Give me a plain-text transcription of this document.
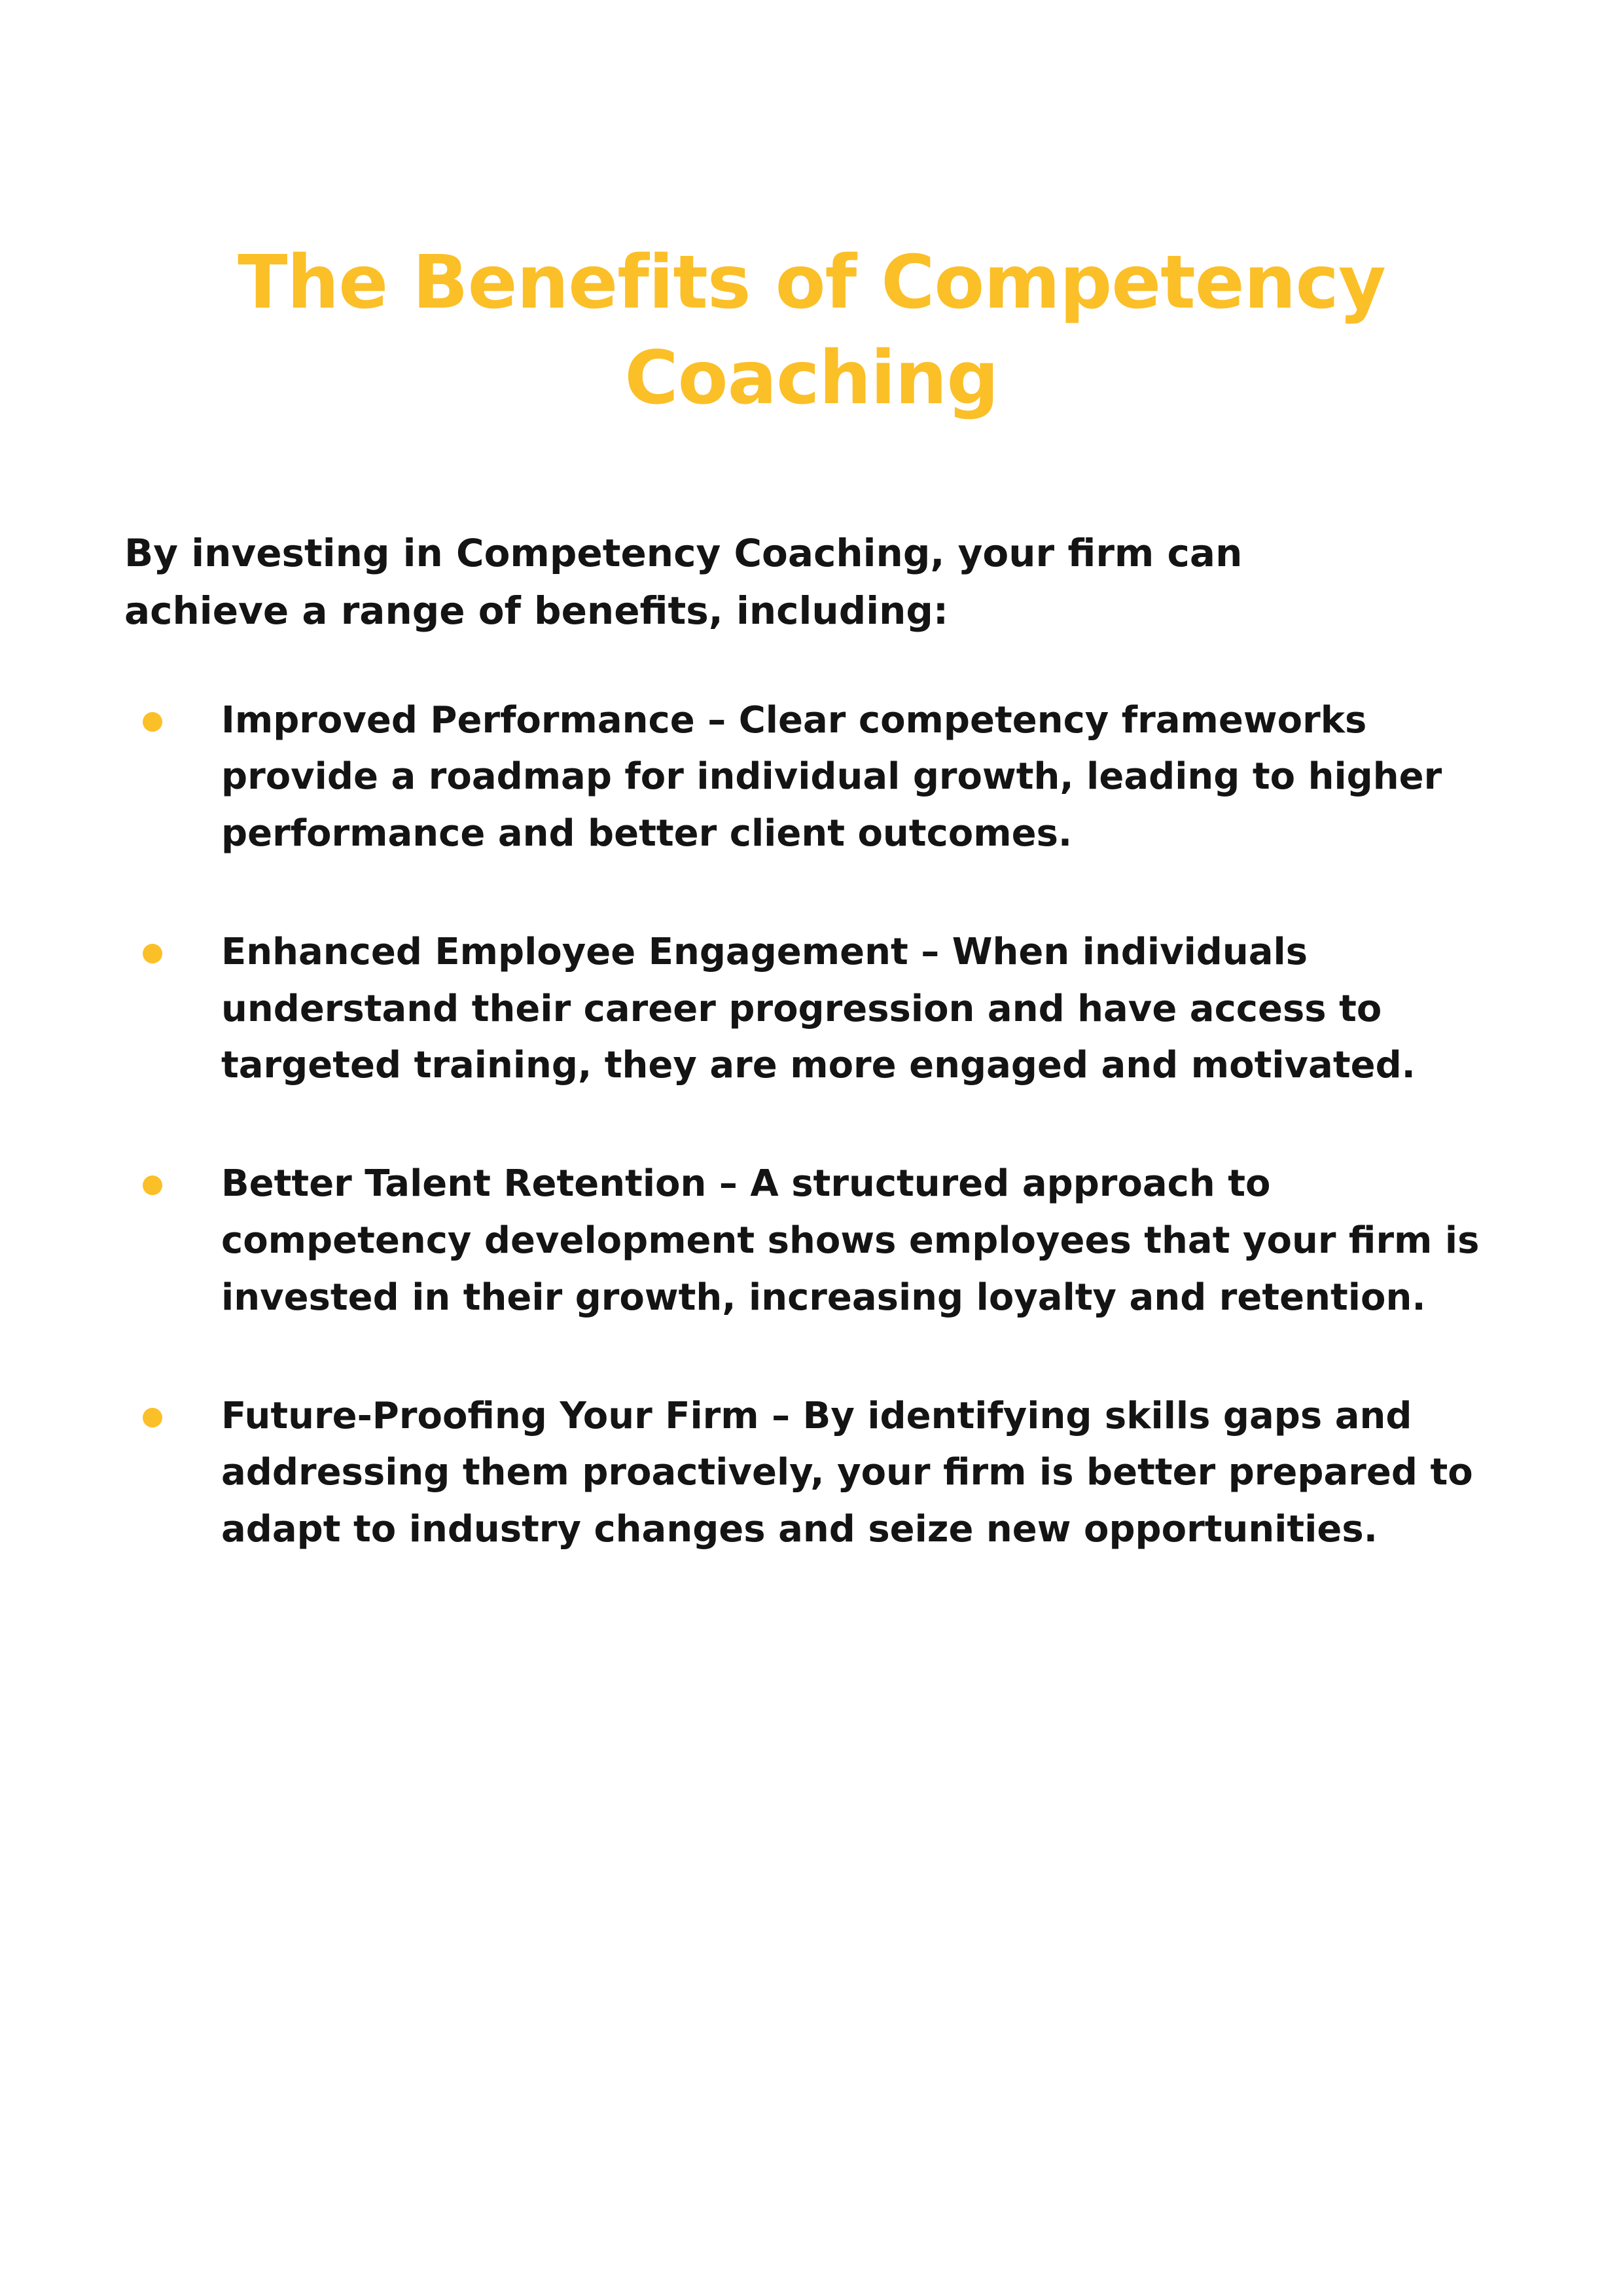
The Benefits of Competency Coaching

By investing in Competency Coaching, your firm can achieve a range of benefits, including:

Improved Performance – Clear competency frameworks provide a roadmap for individual growth, leading to higher performance and better client outcomes.
Enhanced Employee Engagement – When individuals understand their career progression and have access to targeted training, they are more engaged and motivated.
Better Talent Retention – A structured approach to competency development shows employees that your firm is invested in their growth, increasing loyalty and retention.
Future-Proofing Your Firm – By identifying skills gaps and addressing them proactively, your firm is better prepared to adapt to industry changes and seize new opportunities.
